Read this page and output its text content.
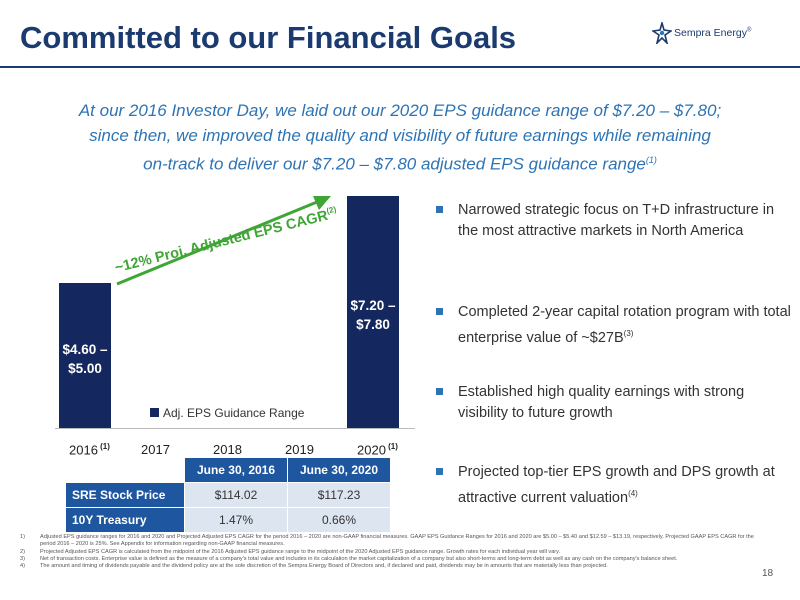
Committed to our Financial Goals	Sempra Energy®
At our 2016 Investor Day, we laid out our 2020 EPS guidance range of $7.20 – $7.80;
since then, we improved the quality and visibility of future earnings while remaining
on-track to deliver our $7.20 – $7.80 adjusted EPS guidance range$^{(1)}$
Adj. EPS Guidance Range
$4.60 –
$5.00
2016 $^{(1)}$ 2017	2018	2019
$7.20 –
$7.80
2020 $^{(1)}$
~12% Proj. Adjusted EPS CAGR$^{(2)}$
	June 30, 2016	June 30, 2020
SRE Stock Price	$114.02	$117.23
10Y Treasury	1.47%	0.66%
Narrowed strategic focus on T+D infrastructure in the most attractive markets in North America
Completed 2-year capital rotation program with total enterprise value of $\sim\$27B^{(3)}$
Established high quality earnings with strong visibility to future growth
Projected top-tier EPS growth and DPS growth at attractive current valuation$^{(4)}$
1)	Adjusted EPS guidance ranges for 2016 and 2020 and Projected Adjusted EPS CAGR for the period 2016 – 2020 are non-GAAP financial measures. GAAP EPS Guidance Ranges for 2016 and 2020 are $5.00 – $5.40 and $12.59 – $13.19, respectively. Projected GAAP EPS CAGR for the period 2016 – 2020 is 25%. See Appendix for information regarding non-GAAP financial measures.
2)	Projected Adjusted EPS CAGR is calculated from the midpoint of the 2016 Adjusted EPS guidance range to the midpoint of the 2020 Adjusted EPS guidance range. Growth rates for each individual year will vary.
3)	Net of transaction costs. Enterprise value is defined as the measure of a company's total value and includes in its calculation the market capitalization of a company but also short-terms and long-term debt as well as any cash on the company's balance sheet.
4)	The amount and timing of dividends payable and the dividend policy are at the sole discretion of the Sempra Energy Board of Directors and, if declared and paid, dividends may be in amounts that are materially less than projected.
18
